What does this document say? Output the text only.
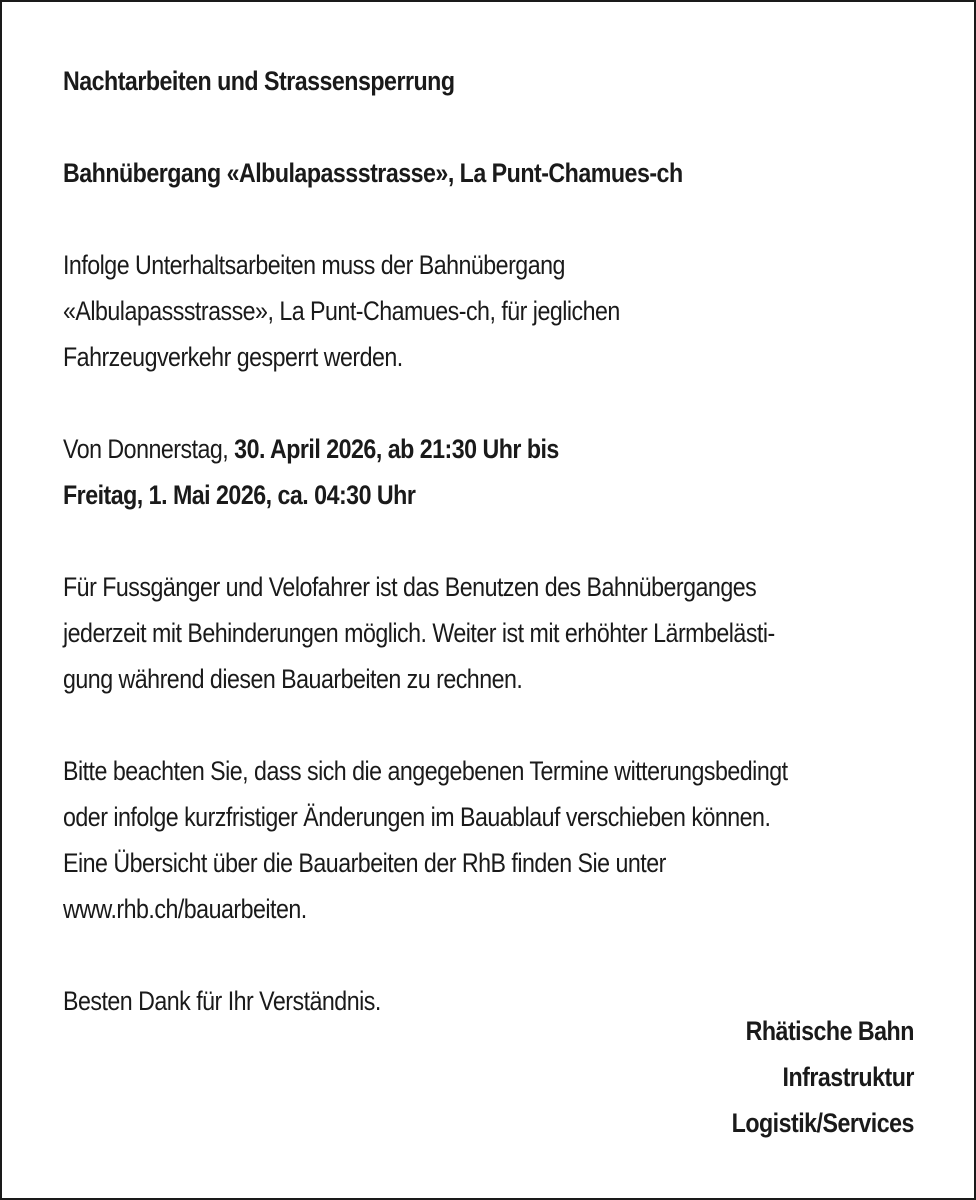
Nachtarbeiten und Strassensperrung

Bahnübergang «Albulapassstrasse», La Punt-Chamues-ch

Infolge Unterhaltsarbeiten muss der Bahnübergang

«Albulapassstrasse», La Punt-Chamues-ch, für jeglichen

Fahrzeugverkehr gesperrt werden.

Von Donnerstag, 30. April 2026, ab 21:30 Uhr bis

Freitag, 1. Mai 2026, ca. 04:30 Uhr

Für Fussgänger und Velofahrer ist das Benutzen des Bahnüberganges

jederzeit mit Behinderungen möglich. Weiter ist mit erhöhter Lärmbelästi-

gung während diesen Bauarbeiten zu rechnen.

Bitte beachten Sie, dass sich die angegebenen Termine witterungsbedingt

oder infolge kurzfristiger Änderungen im Bauablauf verschieben können.

Eine Übersicht über die Bauarbeiten der RhB finden Sie unter

www.rhb.ch/bauarbeiten.

Besten Dank für Ihr Verständnis.

Rhätische Bahn

Infrastruktur

Logistik/Services
